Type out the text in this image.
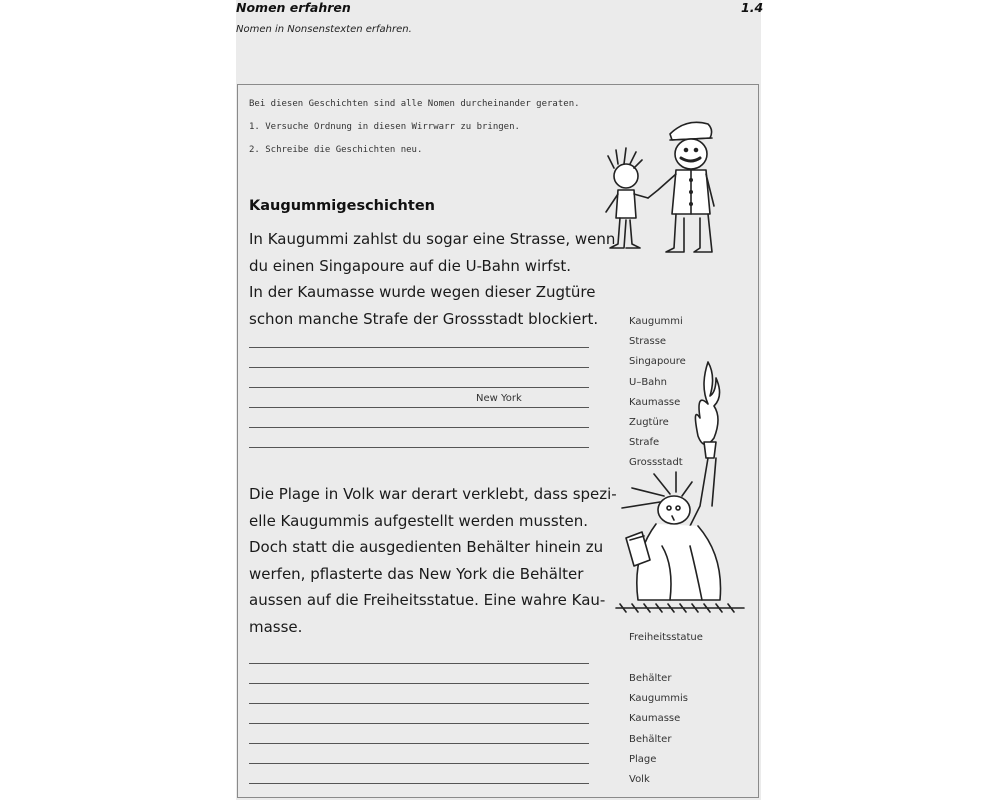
Nomen erfahren	1.4
Nomen in Nonsenstexten erfahren.
Bei diesen Geschichten sind alle Nomen durcheinander geraten.
1. Versuche Ordnung in diesen Wirrwarr zu bringen.
2. Schreibe die Geschichten neu.
Kaugummigeschichten

In Kaugummi zahlst du sogar eine Strasse, wenn
du einen Singapoure auf die U-Bahn wirfst.
In der Kaumasse wurde wegen dieser Zugtüre
schon manche Strafe der Grossstadt blockiert.

New York
Kaugummi
Strasse
Singapoure
U–Bahn
Kaumasse
Zugtüre
Strafe
Grossstadt

Die Plage in Volk war derart verklebt, dass spezi-
elle Kaugummis aufgestellt werden mussten.
Doch statt die ausgedienten Behälter hinein zu
werfen, pflasterte das New York die Behälter
aussen auf die Freiheitsstatue. Eine wahre Kau-
masse.

Freiheitsstatue
Behälter
Kaugummis
Kaumasse
Behälter
Plage
Volk
